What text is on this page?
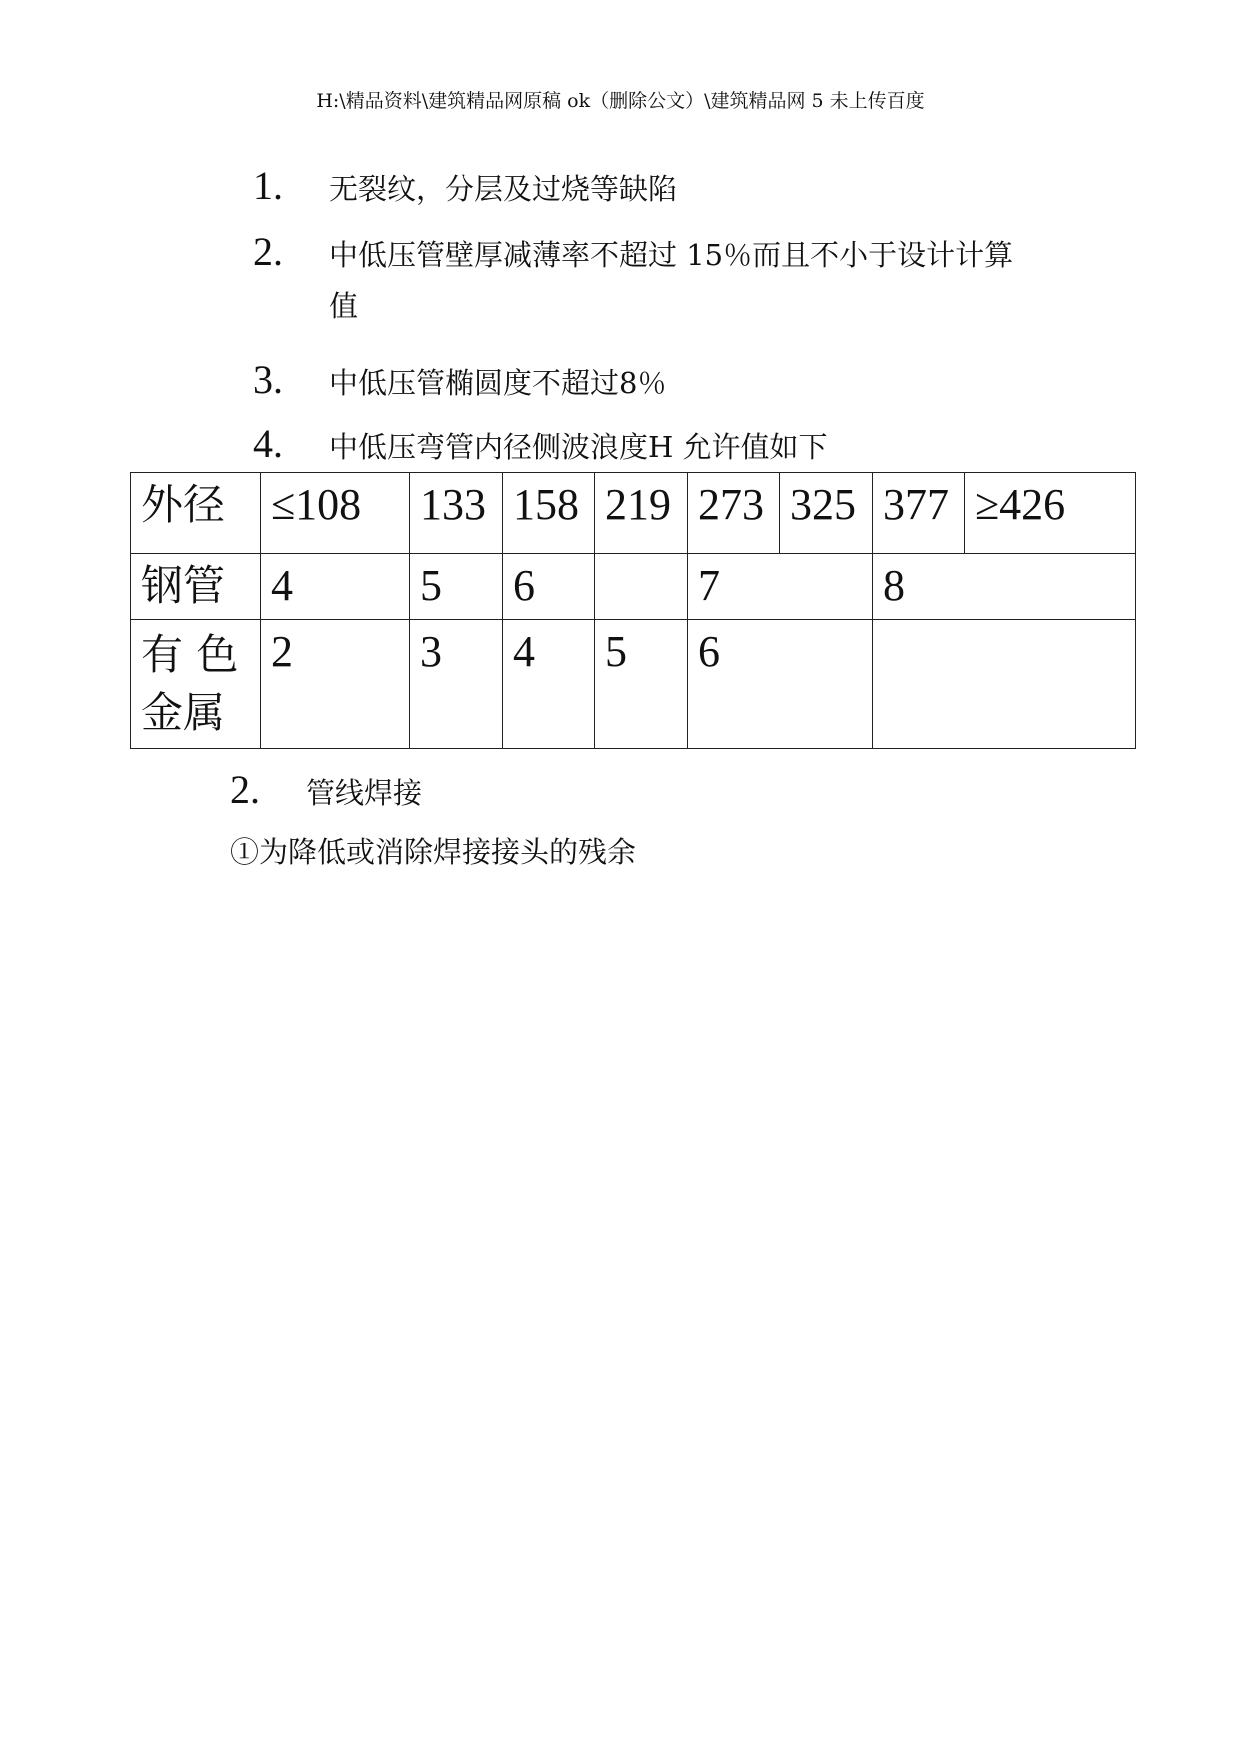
H:\精品资料\建筑精品网原稿 ok（删除公文）\建筑精品网 5 未上传百度
1. 无裂纹，分层及过烧等缺陷
2. 中低压管壁厚减薄率不超过 15％而且不小于设计计算
值
3. 中低压管椭圆度不超过8％
4. 中低压弯管内径侧波浪度H 允许值如下
外径	≤108	133	158	219	273	325	377	≥426
钢管	4	5	6		7		8	
有 色 金属	2	3	4	5	6			
2. 管线焊接
①为降低或消除焊接接头的残余
